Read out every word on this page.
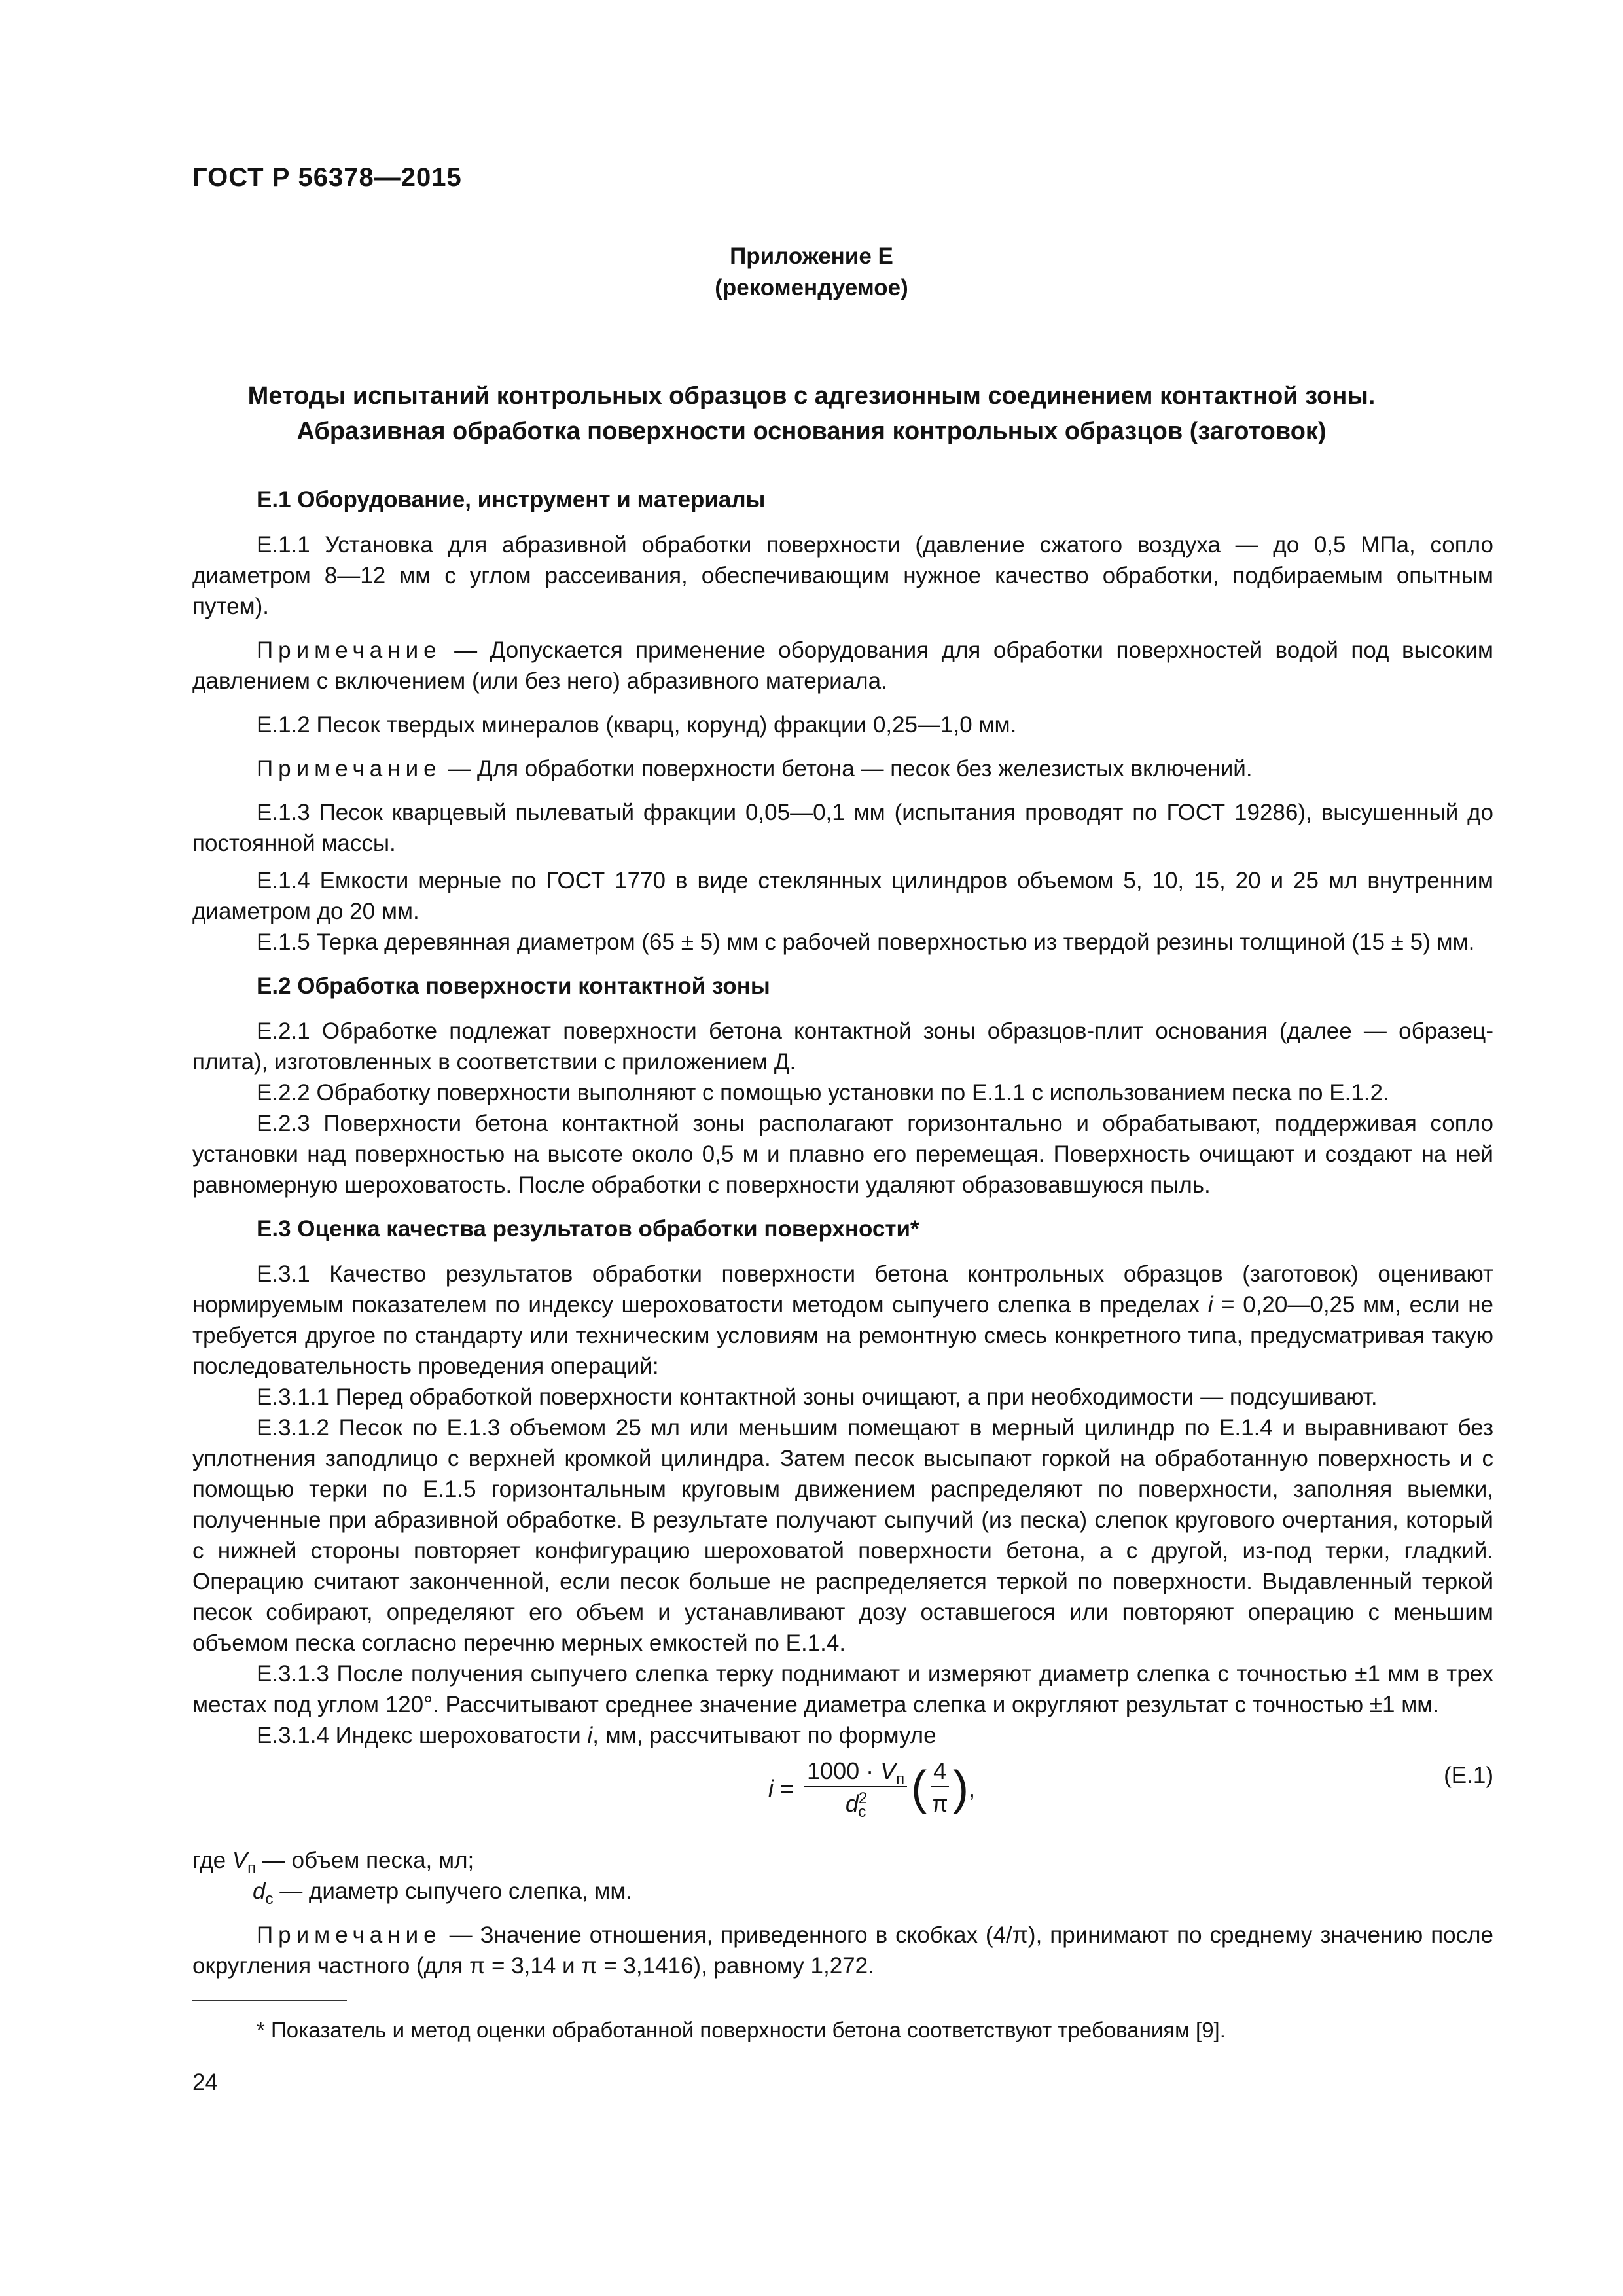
ГОСТ Р 56378—2015
Приложение Е
(рекомендуемое)
Методы испытаний контрольных образцов с адгезионным соединением контактной зоны.
Абразивная обработка поверхности основания контрольных образцов (заготовок)
Е.1 Оборудование, инструмент и материалы

Е.1.1 Установка для абразивной обработки поверхности (давление сжатого воздуха — до 0,5 МПа, сопло диаметром 8—12 мм с углом рассеивания, обеспечивающим нужное качество обработки, подбираемым опытным путем).

Примечание — Допускается применение оборудования для обработки поверхностей водой под высоким давлением с включением (или без него) абразивного материала.

Е.1.2 Песок твердых минералов (кварц, корунд) фракции 0,25—1,0 мм.

Примечание — Для обработки поверхности бетона — песок без железистых включений.

Е.1.3 Песок кварцевый пылеватый фракции 0,05—0,1 мм (испытания проводят по ГОСТ 19286), высушенный до постоянной массы.

Е.1.4 Емкости мерные по ГОСТ 1770 в виде стеклянных цилиндров объемом 5, 10, 15, 20 и 25 мл внутренним диаметром до 20 мм.

Е.1.5 Терка деревянная диаметром (65 ± 5) мм с рабочей поверхностью из твердой резины толщиной (15 ± 5) мм.

Е.2 Обработка поверхности контактной зоны

Е.2.1 Обработке подлежат поверхности бетона контактной зоны образцов-плит основания (далее — образец-плита), изготовленных в соответствии с приложением Д.

Е.2.2 Обработку поверхности выполняют с помощью установки по Е.1.1 с использованием песка по Е.1.2.

Е.2.3 Поверхности бетона контактной зоны располагают горизонтально и обрабатывают, поддерживая сопло установки над поверхностью на высоте около 0,5 м и плавно его перемещая. Поверхность очищают и создают на ней равномерную шероховатость. После обработки с поверхности удаляют образовавшуюся пыль.

Е.3 Оценка качества результатов обработки поверхности*

Е.3.1 Качество результатов обработки поверхности бетона контрольных образцов (заготовок) оценивают нормируемым показателем по индексу шероховатости методом сыпучего слепка в пределах i = 0,20—0,25 мм, если не требуется другое по стандарту или техническим условиям на ремонтную смесь конкретного типа, предусматривая такую последовательность проведения операций:

Е.3.1.1 Перед обработкой поверхности контактной зоны очищают, а при необходимости — подсушивают.

Е.3.1.2 Песок по Е.1.3 объемом 25 мл или меньшим помещают в мерный цилиндр по Е.1.4 и выравнивают без уплотнения заподлицо с верхней кромкой цилиндра. Затем песок высыпают горкой на обработанную поверхность и с помощью терки по Е.1.5 горизонтальным круговым движением распределяют по поверхности, заполняя выемки, полученные при абразивной обработке. В результате получают сыпучий (из песка) слепок кругового очертания, который с нижней стороны повторяет конфигурацию шероховатой поверхности бетона, а с другой, из-под терки, гладкий. Операцию считают законченной, если песок больше не распределяется теркой по поверхности. Выдавленный теркой песок собирают, определяют его объем и устанавливают дозу оставшегося или повторяют операцию с меньшим объемом песка согласно перечню мерных емкостей по Е.1.4.

Е.3.1.3 После получения сыпучего слепка терку поднимают и измеряют диаметр слепка с точностью ±1 мм в трех местах под углом 120°. Рассчитывают среднее значение диаметра слепка и округляют результат с точностью ±1 мм.

Е.3.1.4 Индекс шероховатости i, мм, рассчитывают по формуле

$i = \frac{1000 \cdot V_п}{d^2_с}$ ( $\frac{4}{\pi}$ ) ,	(Е.1)

где $V_п$ — объем песка, мл;

$d_с$ — диаметр сыпучего слепка, мм.

Примечание — Значение отношения, приведенного в скобках (4/π), принимают по среднему значению после округления частного (для π = 3,14 и π = 3,1416), равному 1,272.

* Показатель и метод оценки обработанной поверхности бетона соответствуют требованиям [9].
24
